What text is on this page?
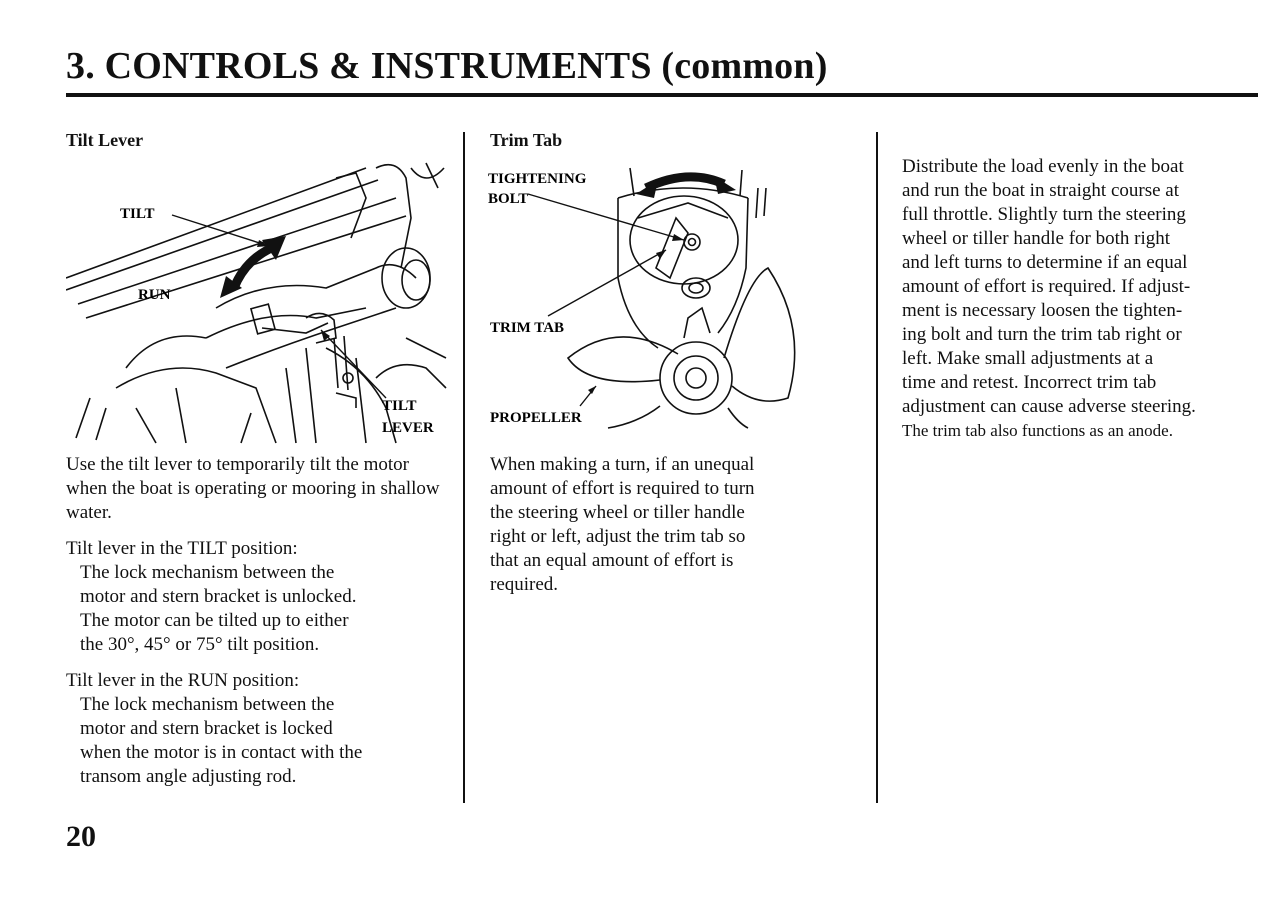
3. CONTROLS & INSTRUMENTS (common)
Tilt Lever
TILT
RUN
TILT
LEVER

Use the tilt lever to temporarily tilt the motor when the boat is operating or mooring in shallow water.

Tilt lever in the TILT position:

The lock mechanism between the

motor and stern bracket is unlocked.

The motor can be tilted up to either

the 30°, 45° or 75° tilt position.

Tilt lever in the RUN position:

The lock mechanism between the

motor and stern bracket is locked

when the motor is in contact with the

transom angle adjusting rod.

Trim Tab
TIGHTENING
BOLT
TRIM TAB
PROPELLER

When making a turn, if an unequal

amount of effort is required to turn

the steering wheel or tiller handle

right or left, adjust the trim tab so

that an equal amount of effort is

required.

Distribute the load evenly in the boat

and run the boat in straight course at

full throttle. Slightly turn the steering

wheel or tiller handle for both right

and left turns to determine if an equal

amount of effort is required. If adjust-

ment is necessary loosen the tighten-

ing bolt and turn the trim tab right or

left. Make small adjustments at a

time and retest. Incorrect trim tab

adjustment can cause adverse steering.

The trim tab also functions as an anode.

20
